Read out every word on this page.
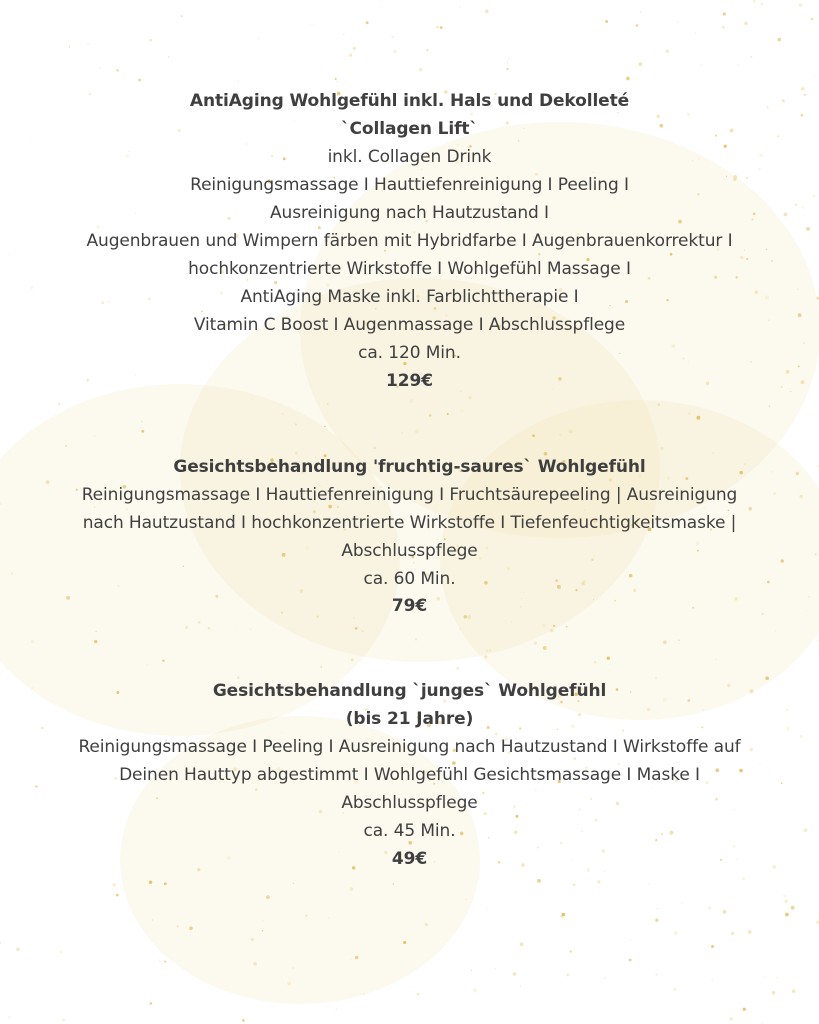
AntiAging Wohlgefühl inkl. Hals und Dekolleté
`Collagen Lift`
inkl. Collagen Drink
Reinigungsmassage I Hauttiefenreinigung I Peeling I
Ausreinigung nach Hautzustand I
Augenbrauen und Wimpern färben mit Hybridfarbe I Augenbrauenkorrektur I
hochkonzentrierte Wirkstoffe I Wohlgefühl Massage I
AntiAging Maske inkl. Farblichttherapie I
Vitamin C Boost I Augenmassage I Abschlusspflege
ca. 120 Min.
129€
Gesichtsbehandlung 'fruchtig-saures` Wohlgefühl
Reinigungsmassage I Hauttiefenreinigung I Fruchtsäurepeeling | Ausreinigung
nach Hautzustand I hochkonzentrierte Wirkstoffe I Tiefenfeuchtigkeitsmaske |
Abschlusspflege
ca. 60 Min.
79€
Gesichtsbehandlung `junges` Wohlgefühl
(bis 21 Jahre)
Reinigungsmassage I Peeling I Ausreinigung nach Hautzustand I Wirkstoffe auf
Deinen Hauttyp abgestimmt I Wohlgefühl Gesichtsmassage I Maske I
Abschlusspflege
ca. 45 Min.
49€
